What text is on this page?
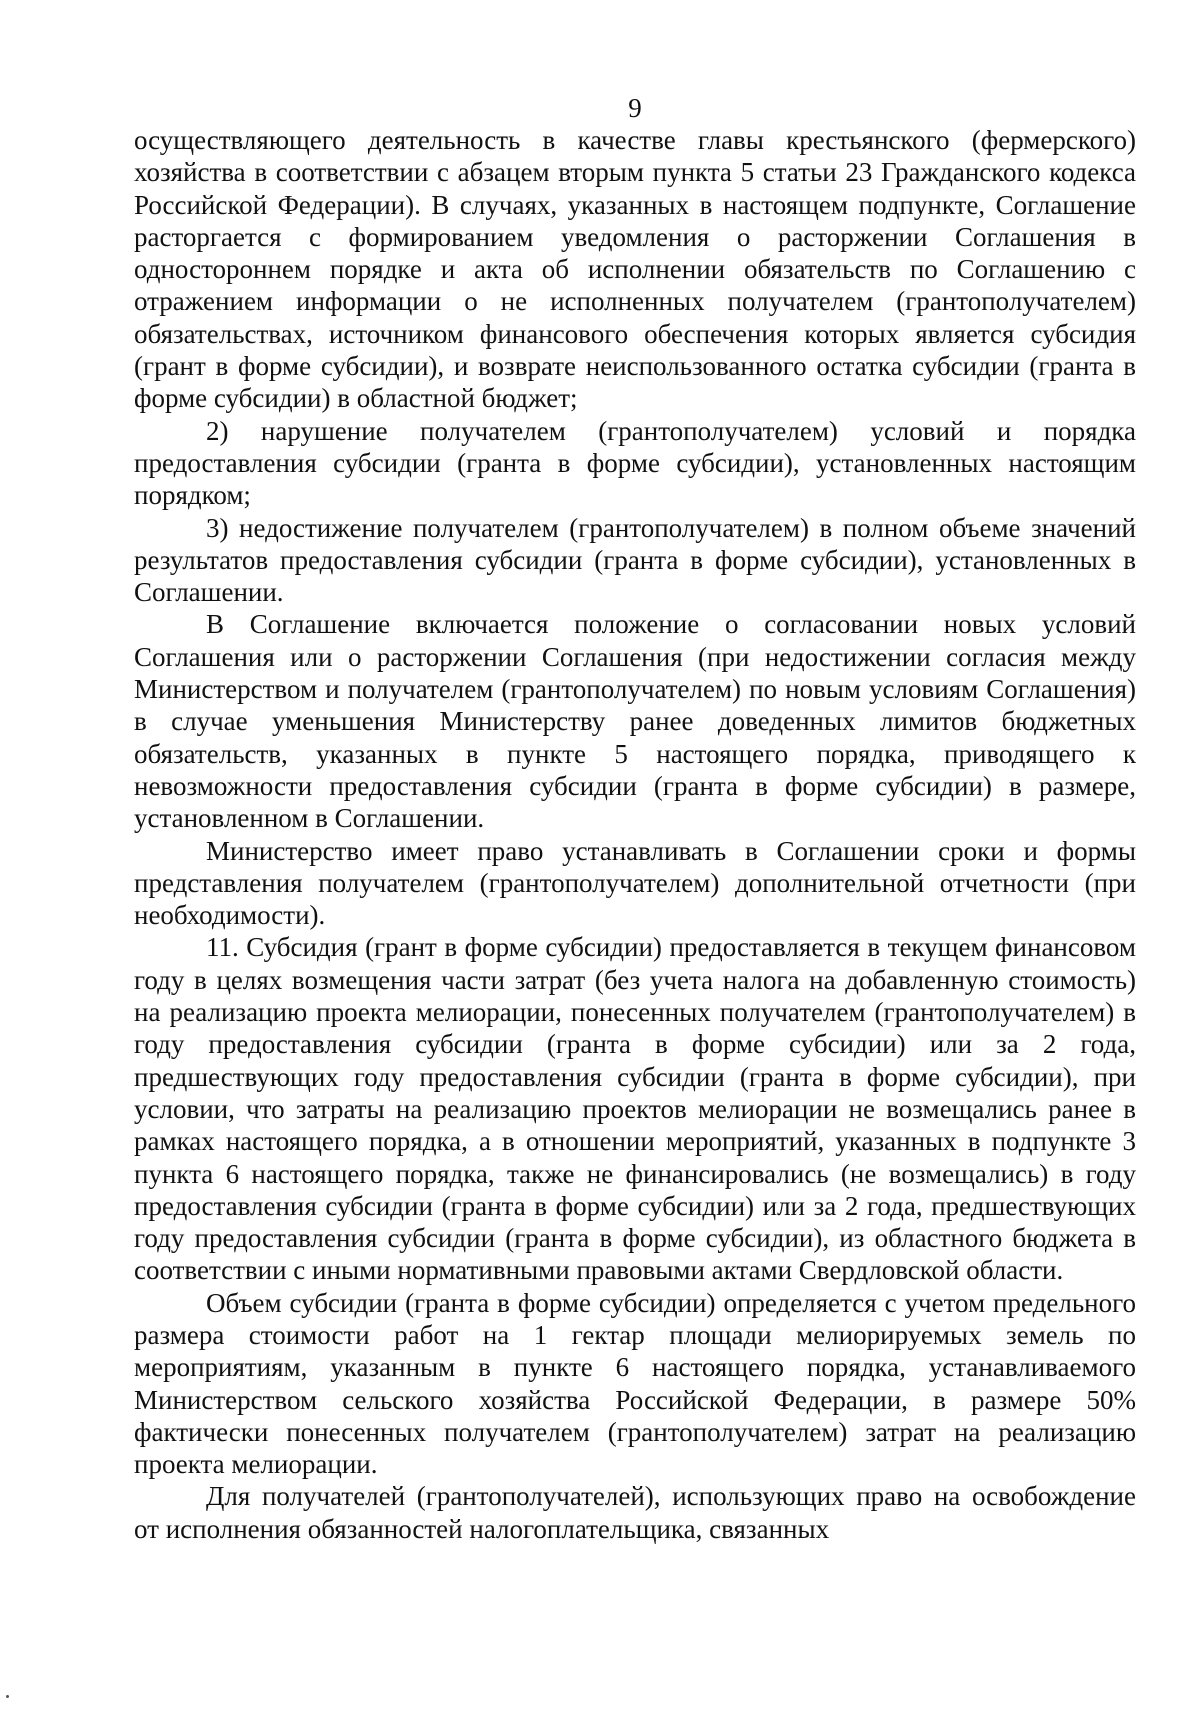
9

осуществляющего деятельность в качестве главы крестьянского (фермерского) хозяйства в соответствии с абзацем вторым пункта 5 статьи 23 Гражданского кодекса Российской Федерации). В случаях, указанных в настоящем подпункте, Соглашение расторгается с формированием уведомления о расторжении Соглашения в одностороннем порядке и акта об исполнении обязательств по Соглашению с отражением информации о не исполненных получателем (грантополучателем) обязательствах, источником финансового обеспечения которых является субсидия (грант в форме субсидии), и возврате неиспользованного остатка субсидии (гранта в форме субсидии) в областной бюджет;

2) нарушение получателем (грантополучателем) условий и порядка предоставления субсидии (гранта в форме субсидии), установленных настоящим порядком;

3) недостижение получателем (грантополучателем) в полном объеме значений результатов предоставления субсидии (гранта в форме субсидии), установленных в Соглашении.

В Соглашение включается положение о согласовании новых условий Соглашения или о расторжении Соглашения (при недостижении согласия между Министерством и получателем (грантополучателем) по новым условиям Соглашения) в случае уменьшения Министерству ранее доведенных лимитов бюджетных обязательств, указанных в пункте 5 настоящего порядка, приводящего к невозможности предоставления субсидии (гранта в форме субсидии) в размере, установленном в Соглашении.

Министерство имеет право устанавливать в Соглашении сроки и формы представления получателем (грантополучателем) дополнительной отчетности (при необходимости).

11. Субсидия (грант в форме субсидии) предоставляется в текущем финансовом году в целях возмещения части затрат (без учета налога на добавленную стоимость) на реализацию проекта мелиорации, понесенных получателем (грантополучателем) в году предоставления субсидии (гранта в форме субсидии) или за 2 года, предшествующих году предоставления субсидии (гранта в форме субсидии), при условии, что затраты на реализацию проектов мелиорации не возмещались ранее в рамках настоящего порядка, а в отношении мероприятий, указанных в подпункте 3 пункта 6 настоящего порядка, также не финансировались (не возмещались) в году предоставления субсидии (гранта в форме субсидии) или за 2 года, предшествующих году предоставления субсидии (гранта в форме субсидии), из областного бюджета в соответствии с иными нормативными правовыми актами Свердловской области.

Объем субсидии (гранта в форме субсидии) определяется с учетом предельного размера стоимости работ на 1 гектар площади мелиорируемых земель по мероприятиям, указанным в пункте 6 настоящего порядка, устанавливаемого Министерством сельского хозяйства Российской Федерации, в размере 50% фактически понесенных получателем (грантополучателем) затрат на реализацию проекта мелиорации.

Для получателей (грантополучателей), использующих право на освобождение от исполнения обязанностей налогоплательщика, связанных
